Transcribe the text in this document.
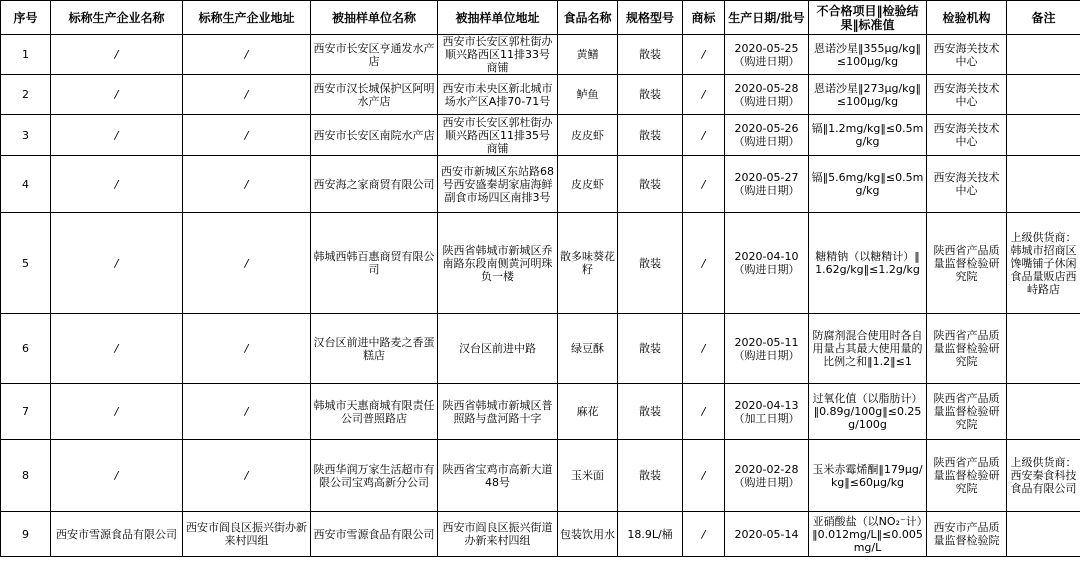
序号	标称生产企业名称	标称生产企业地址	被抽样单位名称	被抽样单位地址	食品名称	规格型号	商标	生产日期/批号	不合格项目‖检验结果‖标准值	检验机构	备注
1	/	/	西安市长安区亨通发水产店	西安市长安区郭杜街办顺兴路西区11排33号商铺	黄鳝	散装	/	2020-05-25（购进日期）	恩诺沙星‖355μg/kg‖≤100μg/kg	西安海关技术中心	
2	/	/	西安市汉长城保护区阿明水产店	西安市未央区新北城市场水产区A排70-71号	鲈鱼	散装	/	2020-05-28（购进日期）	恩诺沙星‖273μg/kg‖≤100μg/kg	西安海关技术中心	
3	/	/	西安市长安区南院水产店	西安市长安区郭杜街办顺兴路西区11排35号商铺	皮皮虾	散装	/	2020-05-26（购进日期）	镉‖1.2mg/kg‖≤0.5mg/kg	西安海关技术中心	
4	/	/	西安海之家商贸有限公司	西安市新城区东站路68号西安盛秦胡家庙海鲜副食市场四区南排3号	皮皮虾	散装	/	2020-05-27（购进日期）	镉‖5.6mg/kg‖≤0.5mg/kg	西安海关技术中心	
5	/	/	韩城西韩百惠商贸有限公司	陕西省韩城市新城区乔南路东段南侧黄河明珠负一楼	散多味葵花籽	散装	/	2020-04-10（购进日期）	糖精钠（以糖精计）‖1.62g/kg‖≤1.2g/kg	陕西省产品质量监督检验研究院	上级供货商：韩城市招商区馋嘴铺子休闲食品量贩店西峙路店
6	/	/	汉台区前进中路麦之香蛋糕店	汉台区前进中路	绿豆酥	散装	/	2020-05-11（购进日期）	防腐剂混合使用时各自用量占其最大使用量的比例之和‖1.2‖≤1	陕西省产品质量监督检验研究院	
7	/	/	韩城市天惠商城有限责任公司普照路店	陕西省韩城市新城区普照路与盘河路十字	麻花	散装	/	2020-04-13（加工日期）	过氧化值（以脂肪计）‖0.89g/100g‖≤0.25g/100g	陕西省产品质量监督检验研究院	
8	/	/	陕西华润万家生活超市有限公司宝鸡高新分公司	陕西省宝鸡市高新大道48号	玉米面	散装	/	2020-02-28（购进日期）	玉米赤霉烯酮‖179μg/kg‖≤60μg/kg	陕西省产品质量监督检验研究院	上级供货商：西安秦食科技食品有限公司
9	西安市雪源食品有限公司	西安市阎良区振兴街办新来村四组	西安市雪源食品有限公司	西安市阎良区振兴街道办新来村四组	包装饮用水	18.9L/桶	/	2020-05-14	亚硝酸盐（以NO₂⁻计）‖0.012mg/L‖≤0.005mg/L	西安市产品质量监督检验院	
